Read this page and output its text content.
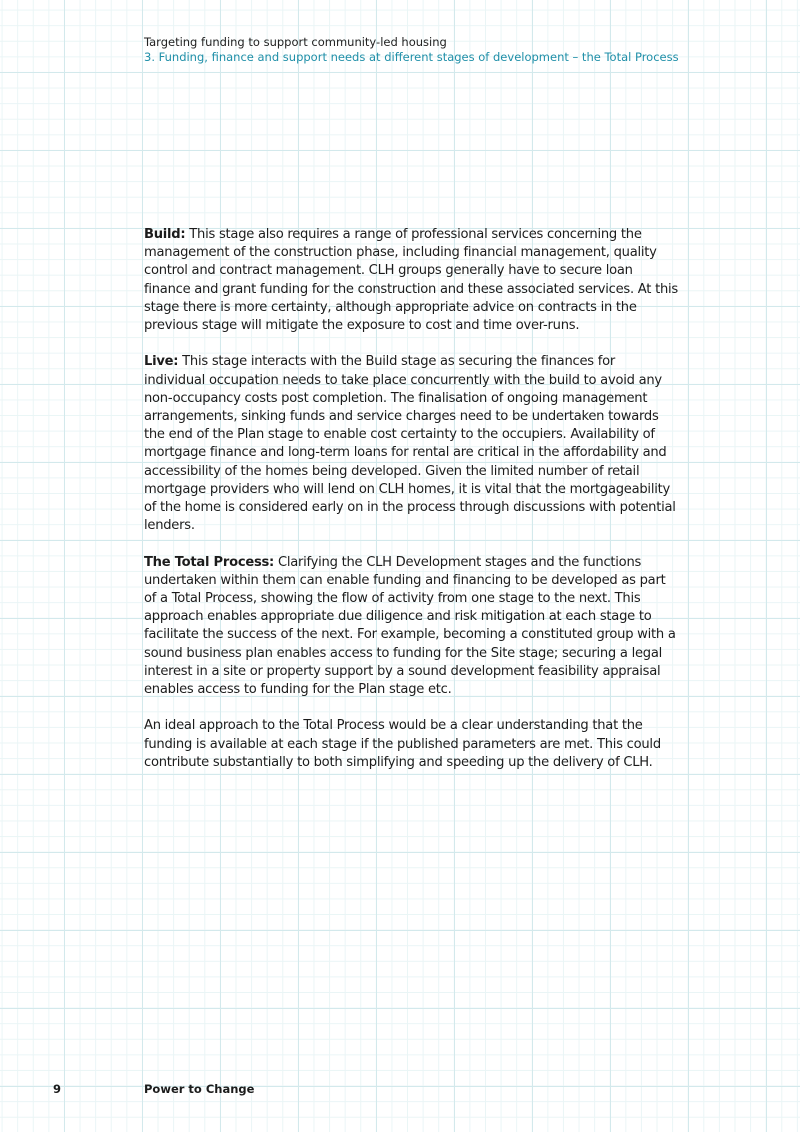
Targeting funding to support community-led housing
3. Funding, finance and support needs at different stages of development – the Total Process

Build: This stage also requires a range of professional services concerning the management of the construction phase, including financial management, quality control and contract management. CLH groups generally have to secure loan finance and grant funding for the construction and these associated services. At this stage there is more certainty, although appropriate advice on contracts in the previous stage will mitigate the exposure to cost and time over-runs.

Live: This stage interacts with the Build stage as securing the finances for individual occupation needs to take place concurrently with the build to avoid any non-occupancy costs post completion. The finalisation of ongoing management arrangements, sinking funds and service charges need to be undertaken towards the end of the Plan stage to enable cost certainty to the occupiers. Availability of mortgage finance and long-term loans for rental are critical in the affordability and accessibility of the homes being developed. Given the limited number of retail mortgage providers who will lend on CLH homes, it is vital that the mortgageability of the home is considered early on in the process through discussions with potential lenders.

The Total Process: Clarifying the CLH Development stages and the functions undertaken within them can enable funding and financing to be developed as part of a Total Process, showing the flow of activity from one stage to the next. This approach enables appropriate due diligence and risk mitigation at each stage to facilitate the success of the next. For example, becoming a constituted group with a sound business plan enables access to funding for the Site stage; securing a legal interest in a site or property support by a sound development feasibility appraisal enables access to funding for the Plan stage etc.

An ideal approach to the Total Process would be a clear understanding that the funding is available at each stage if the published parameters are met. This could contribute substantially to both simplifying and speeding up the delivery of CLH.

9	Power to Change
